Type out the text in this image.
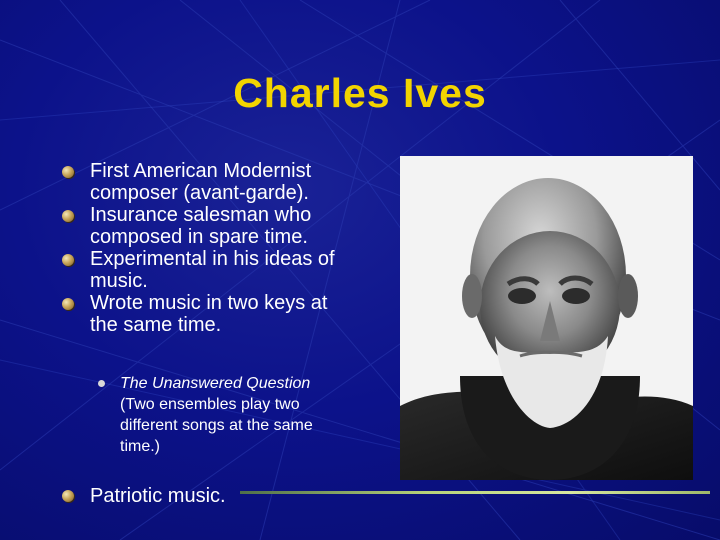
Charles Ives
First American Modernist composer (avant-garde).
Insurance salesman who composed in spare time.
Experimental in his ideas of music.
Wrote music in two keys at the same time.
The Unanswered Question (Two ensembles play two different songs at the same time.)
Patriotic music.
